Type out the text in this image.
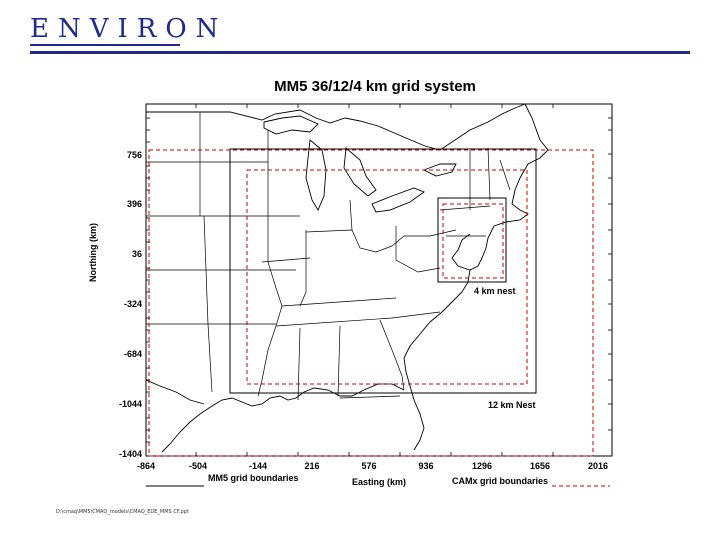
ENVIRON
MM5 36/12/4 km grid system
Northing (km)
756
396
36
-324
-684
-1044
-1404
-864	-504	-144	216	576	936	1296	1656	2016
Easting (km)
12 km Nest
4 km nest
MM5 grid boundaries	CAMx grid boundaries
D:\cmaq\MM5\CMAQ_models\CMAQ_EDE_MMS CF.ppt
